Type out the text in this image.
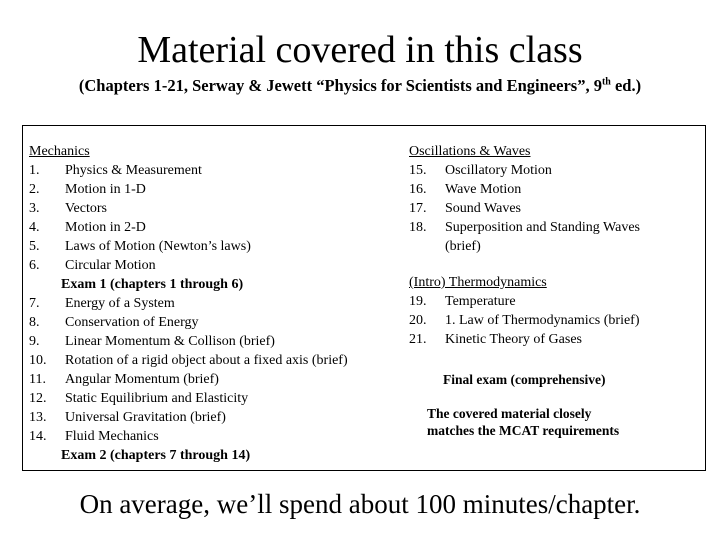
Material covered in this class
(Chapters 1-21, Serway & Jewett “Physics for Scientists and Engineers”, 9th ed.)
Mechanics
1. Physics & Measurement
2. Motion in 1-D
3. Vectors
4. Motion in 2-D
5. Laws of Motion (Newton’s laws)
6. Circular Motion
Exam 1 (chapters 1 through 6)
7. Energy of a System
8. Conservation of Energy
9. Linear Momentum & Collison (brief)
10. Rotation of a rigid object about a fixed axis (brief)
11. Angular Momentum (brief)
12. Static Equilibrium and Elasticity
13. Universal Gravitation (brief)
14. Fluid Mechanics
Exam 2 (chapters 7 through 14)
Oscillations & Waves
15. Oscillatory Motion
16. Wave Motion
17. Sound Waves
18. Superposition and Standing Waves
(brief)
(Intro) Thermodynamics
19. Temperature
20. 1. Law of Thermodynamics (brief)
21. Kinetic Theory of Gases
Final exam (comprehensive)
The covered material closely
matches the MCAT requirements
On average, we’ll spend about 100 minutes/chapter.
